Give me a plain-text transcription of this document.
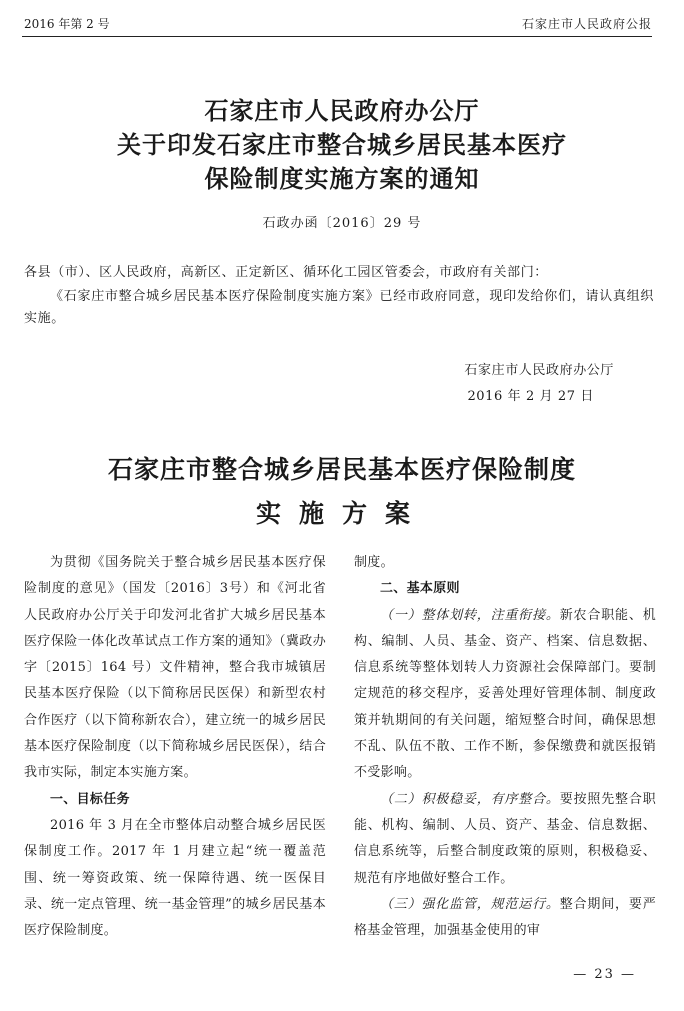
2016 年第 2 号	石家庄市人民政府公报
石家庄市人民政府办公厅
关于印发石家庄市整合城乡居民基本医疗
保险制度实施方案的通知
石政办函〔2016〕29 号
各县（市）、区人民政府，高新区、正定新区、循环化工园区管委会，市政府有关部门：
《石家庄市整合城乡居民基本医疗保险制度实施方案》已经市政府同意，现印发给你们，请认真组织实施。
石家庄市人民政府办公厅
2016 年 2 月 27 日
石家庄市整合城乡居民基本医疗保险制度
实施方案

为贯彻《国务院关于整合城乡居民基本医疗保险制度的意见》（国发〔2016〕3号）和《河北省人民政府办公厅关于印发河北省扩大城乡居民基本医疗保险一体化改革试点工作方案的通知》（冀政办字〔2015〕164 号）文件精神，整合我市城镇居民基本医疗保险（以下简称居民医保）和新型农村合作医疗（以下简称新农合），建立统一的城乡居民基本医疗保险制度（以下简称城乡居民医保），结合我市实际，制定本实施方案。

一、目标任务

2016 年 3 月在全市整体启动整合城乡居民医保制度工作。2017 年 1 月建立起“统一覆盖范围、统一筹资政策、统一保障待遇、统一医保目录、统一定点管理、统一基金管理”的城乡居民基本医疗保险制度。

制度。

二、基本原则

（一）整体划转，注重衔接。新农合职能、机构、编制、人员、基金、资产、档案、信息数据、信息系统等整体划转人力资源社会保障部门。要制定规范的移交程序，妥善处理好管理体制、制度政策并轨期间的有关问题，缩短整合时间，确保思想不乱、队伍不散、工作不断，参保缴费和就医报销不受影响。

（二）积极稳妥，有序整合。要按照先整合职能、机构、编制、人员、资产、基金、信息数据、信息系统等，后整合制度政策的原则，积极稳妥、规范有序地做好整合工作。

（三）强化监管，规范运行。整合期间，要严格基金管理，加强基金使用的审

— 23 —
